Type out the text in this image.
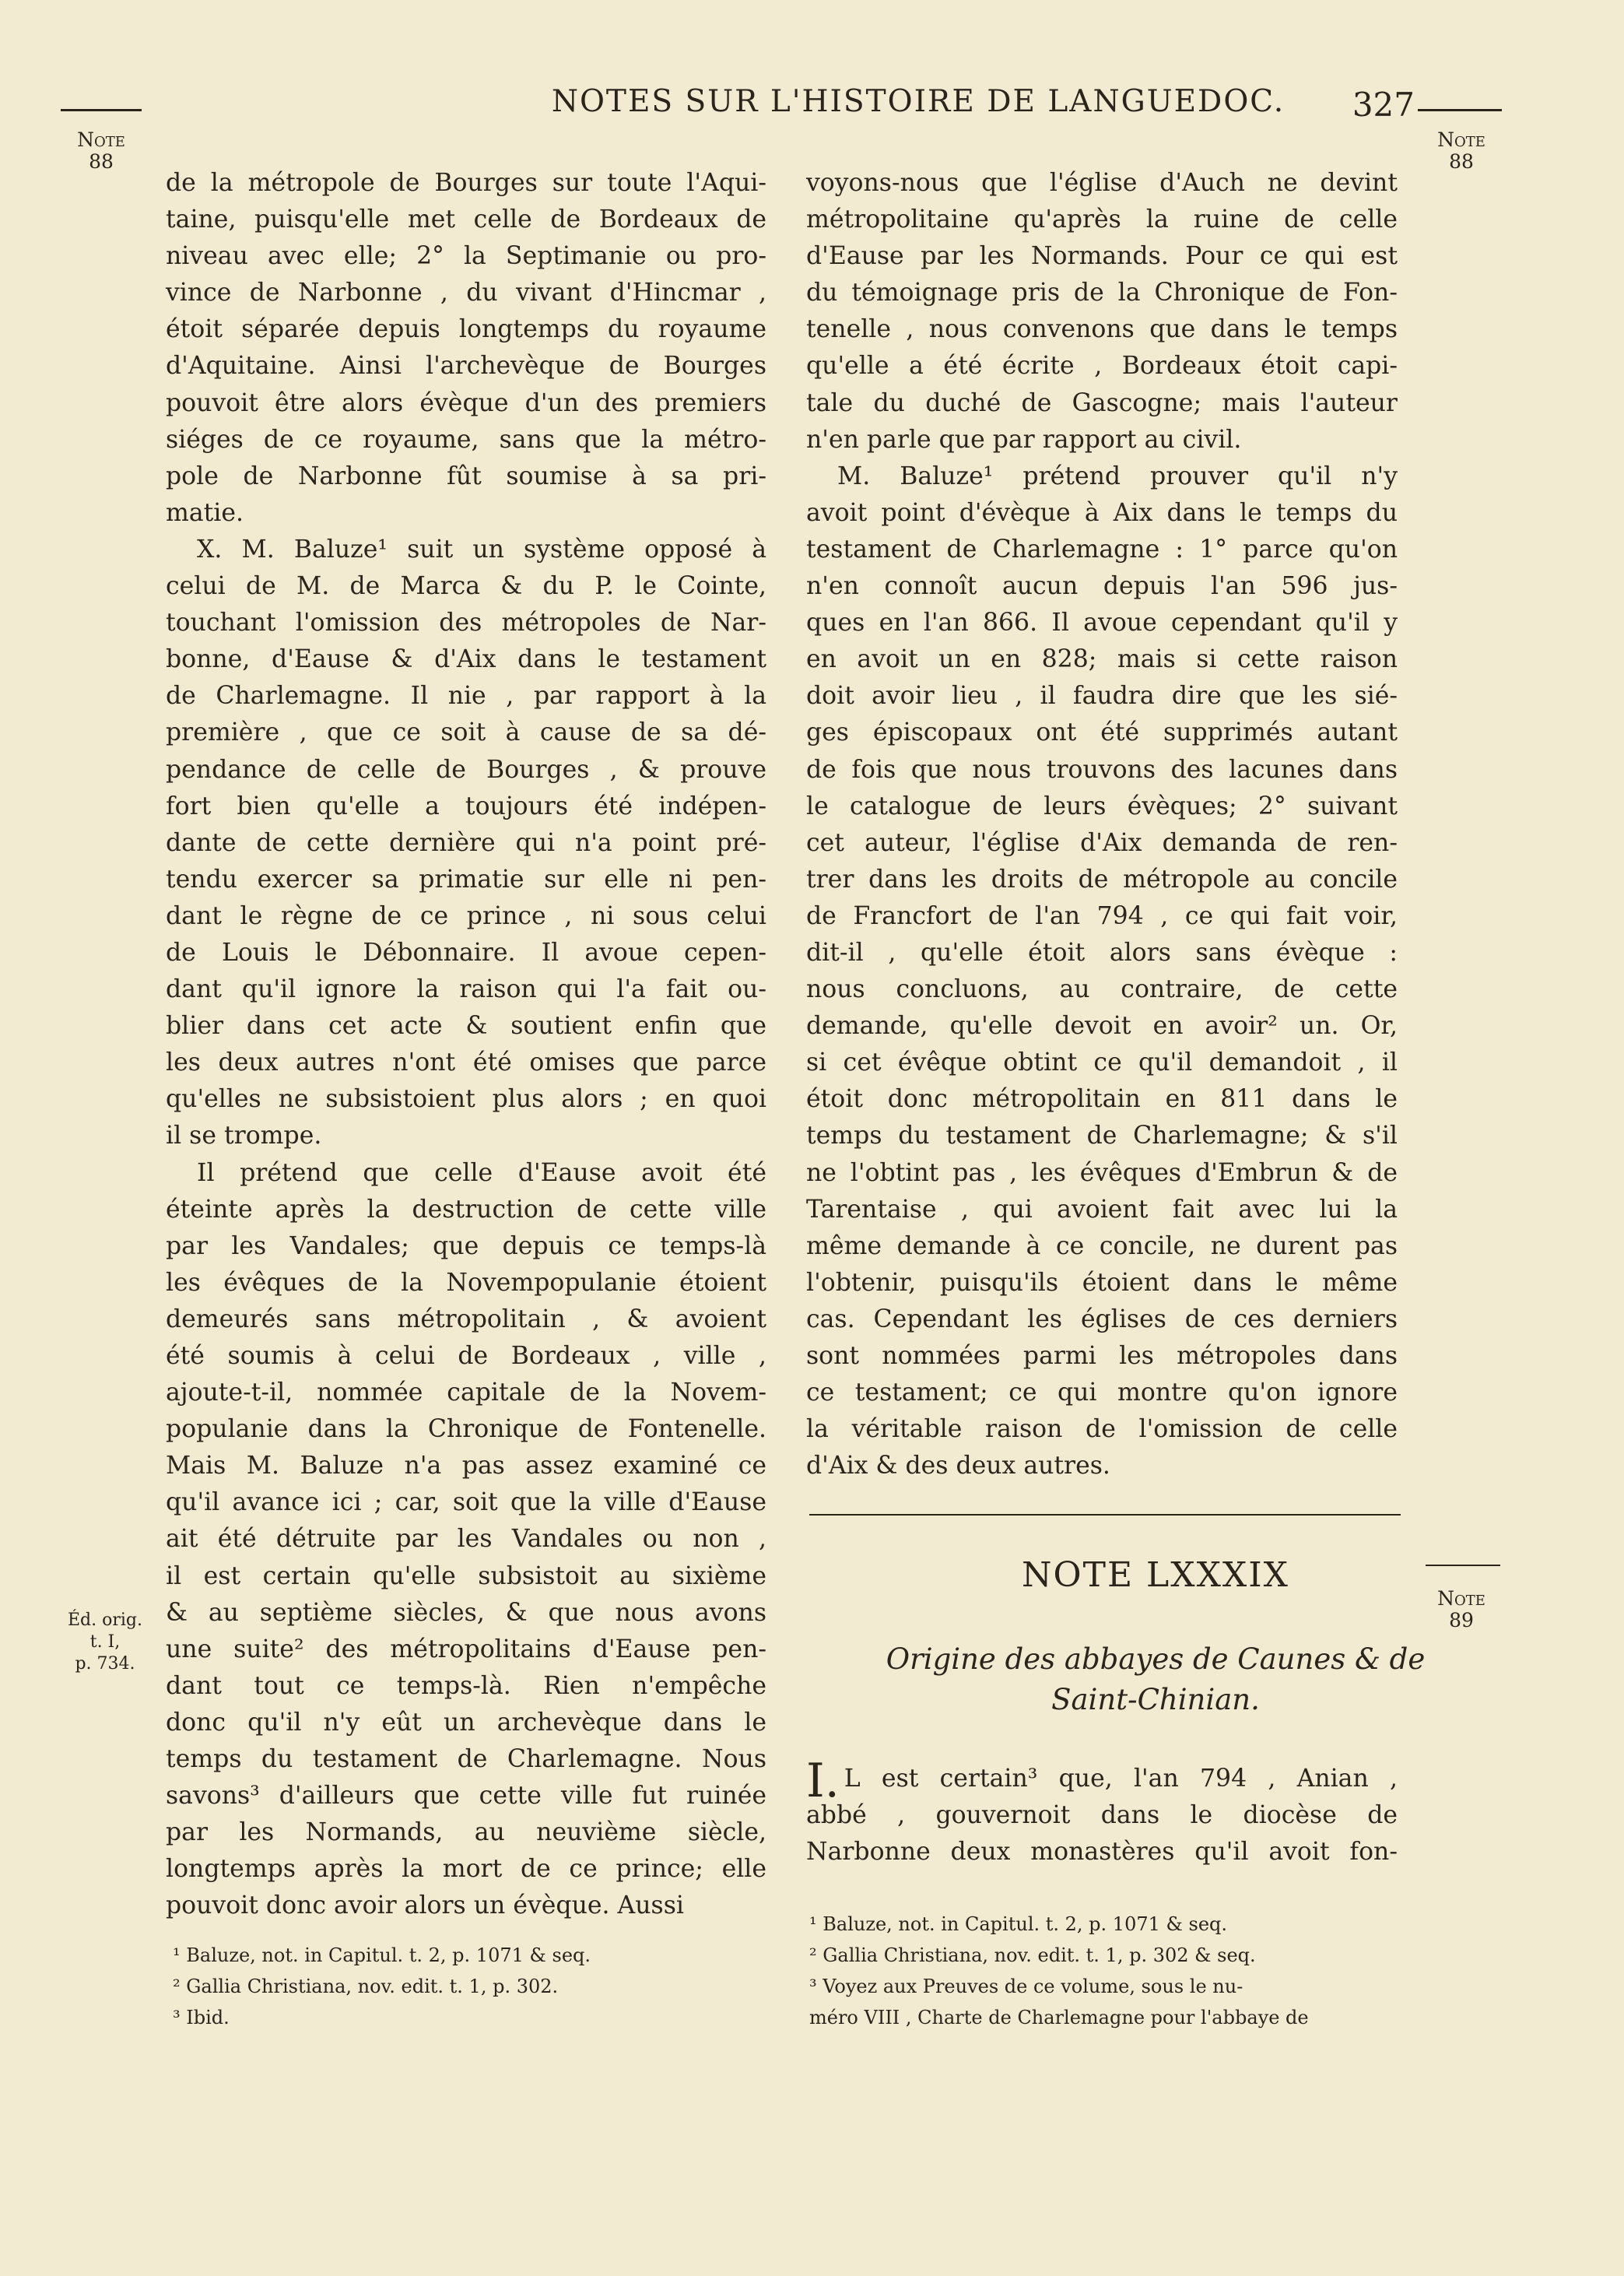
NOTES SUR L'HISTOIRE DE LANGUEDOC.	327
Note
88
Note
88
Éd. orig.
t. I,
p. 734.
Note
89
de la métropole de Bourges sur toute l'Aqui-
taine, puisqu'elle met celle de Bordeaux de
niveau avec elle; 2° la Septimanie ou pro-
vince de Narbonne , du vivant d'Hincmar ,
étoit séparée depuis longtemps du royaume
d'Aquitaine. Ainsi l'archevèque de Bourges
pouvoit être alors évèque d'un des premiers
siéges de ce royaume, sans que la métro-
pole de Narbonne fût soumise à sa pri-
matie.
X. M. Baluze¹ suit un système opposé à
celui de M. de Marca & du P. le Cointe,
touchant l'omission des métropoles de Nar-
bonne, d'Eause & d'Aix dans le testament
de Charlemagne. Il nie , par rapport à la
première , que ce soit à cause de sa dé-
pendance de celle de Bourges , & prouve
fort bien qu'elle a toujours été indépen-
dante de cette dernière qui n'a point pré-
tendu exercer sa primatie sur elle ni pen-
dant le règne de ce prince , ni sous celui
de Louis le Débonnaire. Il avoue cepen-
dant qu'il ignore la raison qui l'a fait ou-
blier dans cet acte & soutient enfin que
les deux autres n'ont été omises que parce
qu'elles ne subsistoient plus alors ; en quoi
il se trompe.
Il prétend que celle d'Eause avoit été
éteinte après la destruction de cette ville
par les Vandales; que depuis ce temps-là
les évêques de la Novempopulanie étoient
demeurés sans métropolitain , & avoient
été soumis à celui de Bordeaux , ville ,
ajoute-t-il, nommée capitale de la Novem-
populanie dans la Chronique de Fontenelle.
Mais M. Baluze n'a pas assez examiné ce
qu'il avance ici ; car, soit que la ville d'Eause
ait été détruite par les Vandales ou non ,
il est certain qu'elle subsistoit au sixième
& au septième siècles, & que nous avons
une suite² des métropolitains d'Eause pen-
dant tout ce temps-là. Rien n'empêche
donc qu'il n'y eût un archevèque dans le
temps du testament de Charlemagne. Nous
savons³ d'ailleurs que cette ville fut ruinée
par les Normands, au neuvième siècle,
longtemps après la mort de ce prince; elle
pouvoit donc avoir alors un évèque. Aussi
¹ Baluze, not. in Capitul. t. 2, p. 1071 & seq.
² Gallia Christiana, nov. edit. t. 1, p. 302.
³ Ibid.
voyons-nous que l'église d'Auch ne devint
métropolitaine qu'après la ruine de celle
d'Eause par les Normands. Pour ce qui est
du témoignage pris de la Chronique de Fon-
tenelle , nous convenons que dans le temps
qu'elle a été écrite , Bordeaux étoit capi-
tale du duché de Gascogne; mais l'auteur
n'en parle que par rapport au civil.
M. Baluze¹ prétend prouver qu'il n'y
avoit point d'évèque à Aix dans le temps du
testament de Charlemagne : 1° parce qu'on
n'en connoît aucun depuis l'an 596 jus-
ques en l'an 866. Il avoue cependant qu'il y
en avoit un en 828; mais si cette raison
doit avoir lieu , il faudra dire que les sié-
ges épiscopaux ont été supprimés autant
de fois que nous trouvons des lacunes dans
le catalogue de leurs évèques; 2° suivant
cet auteur, l'église d'Aix demanda de ren-
trer dans les droits de métropole au concile
de Francfort de l'an 794 , ce qui fait voir,
dit-il , qu'elle étoit alors sans évèque :
nous concluons, au contraire, de cette
demande, qu'elle devoit en avoir² un. Or,
si cet évêque obtint ce qu'il demandoit , il
étoit donc métropolitain en 811 dans le
temps du testament de Charlemagne; & s'il
ne l'obtint pas , les évêques d'Embrun & de
Tarentaise , qui avoient fait avec lui la
même demande à ce concile, ne durent pas
l'obtenir, puisqu'ils étoient dans le même
cas. Cependant les églises de ces derniers
sont nommées parmi les métropoles dans
ce testament; ce qui montre qu'on ignore
la véritable raison de l'omission de celle
d'Aix & des deux autres.
NOTE LXXXIX
Origine des abbayes de Caunes & de
Saint-Chinian.
I. L est certain³ que, l'an 794 , Anian ,
abbé , gouvernoit dans le diocèse de
Narbonne deux monastères qu'il avoit fon-
¹ Baluze, not. in Capitul. t. 2, p. 1071 & seq.
² Gallia Christiana, nov. edit. t. 1, p. 302 & seq.
³ Voyez aux Preuves de ce volume, sous le nu-
méro VIII , Charte de Charlemagne pour l'abbaye de
